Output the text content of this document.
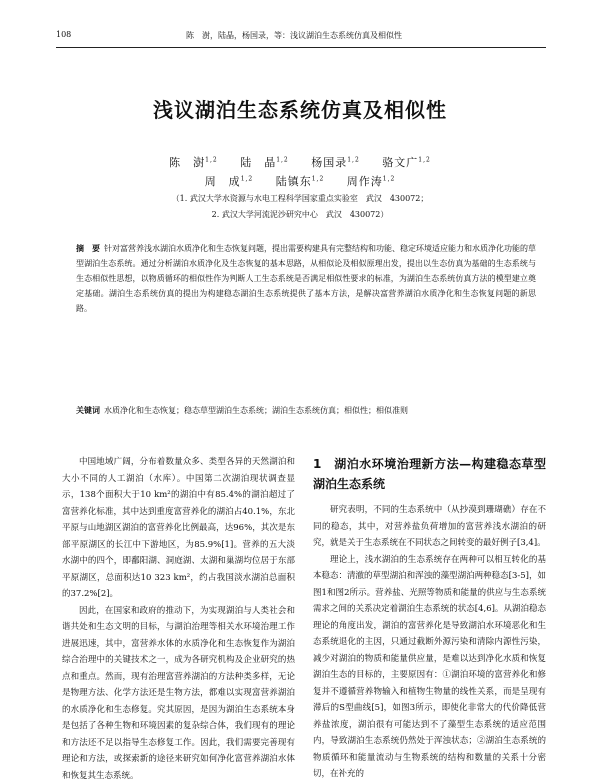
108	陈　澍，陆晶，杨国录，等：浅议湖泊生态系统仿真及相似性
浅议湖泊生态系统仿真及相似性
陈　澍$^{1,2}$ 陆　晶$^{1,2}$ 杨国录$^{1,2}$ 骆文广$^{1,2}$
周　成$^{1,2}$ 陆镇东$^{1,2}$ 周作涛$^{1,2}$
（1. 武汉大学水资源与水电工程科学国家重点实验室　武汉　430072；
2. 武汉大学河流泥沙研究中心　武汉　430072）
摘　要 针对富营养浅水湖泊水质净化和生态恢复问题，提出需要构建具有完整结构和功能、稳定环境适应能力和水质净化功能的草型湖泊生态系统。通过分析湖泊水质净化及生态恢复的基本思路，从相似论及相似原理出发，提出以生态仿真为基础的生态系统与生态相似性思想，以物质循环的相似性作为判断人工生态系统是否满足相似性要求的标准，为湖泊生态系统仿真方法的模型建立奠定基础。湖泊生态系统仿真的提出为构建稳态湖泊生态系统提供了基本方法，是解决富营养湖泊水质净化和生态恢复问题的新思路。
关键词 水质净化和生态恢复；稳态草型湖泊生态系统；湖泊生态系统仿真；相似性；相似准则

中国地域广阔，分布着数量众多、类型各异的天然湖泊和大小不同的人工湖泊（水库）。中国第二次湖泊现状调查显示，138个面积大于10 km²的湖泊中有85.4%的湖泊超过了富营养化标准，其中达到重度富营养化的湖泊占40.1%，东北平原与山地湖区湖泊的富营养化比例最高，达96%，其次是东部平原湖区的长江中下游地区，为85.9%[1]。营养的五大淡水湖中的四个，即鄱阳湖、洞庭湖、太湖和巢湖均位居于东部平原湖区，总面积达10 323 km²，约占我国淡水湖泊总面积的37.2%[2]。

因此，在国家和政府的推动下，为实现湖泊与人类社会和谐共处和生态文明的目标，与湖泊治理等相关水环境治理工作进展迅速，其中，富营养水体的水质净化和生态恢复作为湖泊综合治理中的关键技术之一，成为各研究机构及企业研究的热点和重点。然而，现有治理富营养湖泊的方法种类多样，无论是物理方法、化学方法还是生物方法，都难以实现富营养湖泊的水质净化和生态修复。究其原因，是因为湖泊生态系统本身是包括了各种生物和环境因素的复杂综合体，我们现有的理论和方法还不足以指导生态修复工作。因此，我们需要完善现有理论和方法，或探索新的途径来研究如何净化富营养湖泊水体和恢复其生态系统。

1　湖泊水环境治理新方法—构建稳态草型湖泊生态系统

研究表明，不同的生态系统中（从抄漠到珊瑚礁）存在不同的稳态，其中，对营养盐负荷增加的富营养浅水湖泊的研究，就是关于生态系统在不同状态之间转变的最好例子[3,4]。

理论上，浅水湖泊的生态系统存在两种可以相互转化的基本稳态：清澈的草型湖泊和浑浊的藻型湖泊两种稳态[3-5]，如图1和图2所示。营养盐、光照等物质和能量的供应与生态系统需求之间的关系决定着湖泊生态系统的状态[4,6]。从湖泊稳态理论的角度出发，湖泊的富营养化是导致湖泊水环境恶化和生态系统退化的主因，只通过截断外源污染和清除内源性污染，减少对湖泊的物质和能量供应量，是难以达到净化水质和恢复湖泊生态的目标的，主要原因有：①湖泊环境的富营养化和修复并不遵循营养物输入和植物生物量的线性关系，而是呈现有滞后的S型曲线[5]，如图3所示，即使化非常大的代价降低营养盐浓度，湖泊很有可能达到不了藻型生态系统的适应范围内，导致湖泊生态系统仍然处于浑浊状态；②湖泊生态系统的物质循环和能量流动与生物系统的结构和数量的关系十分密切，在补充的
